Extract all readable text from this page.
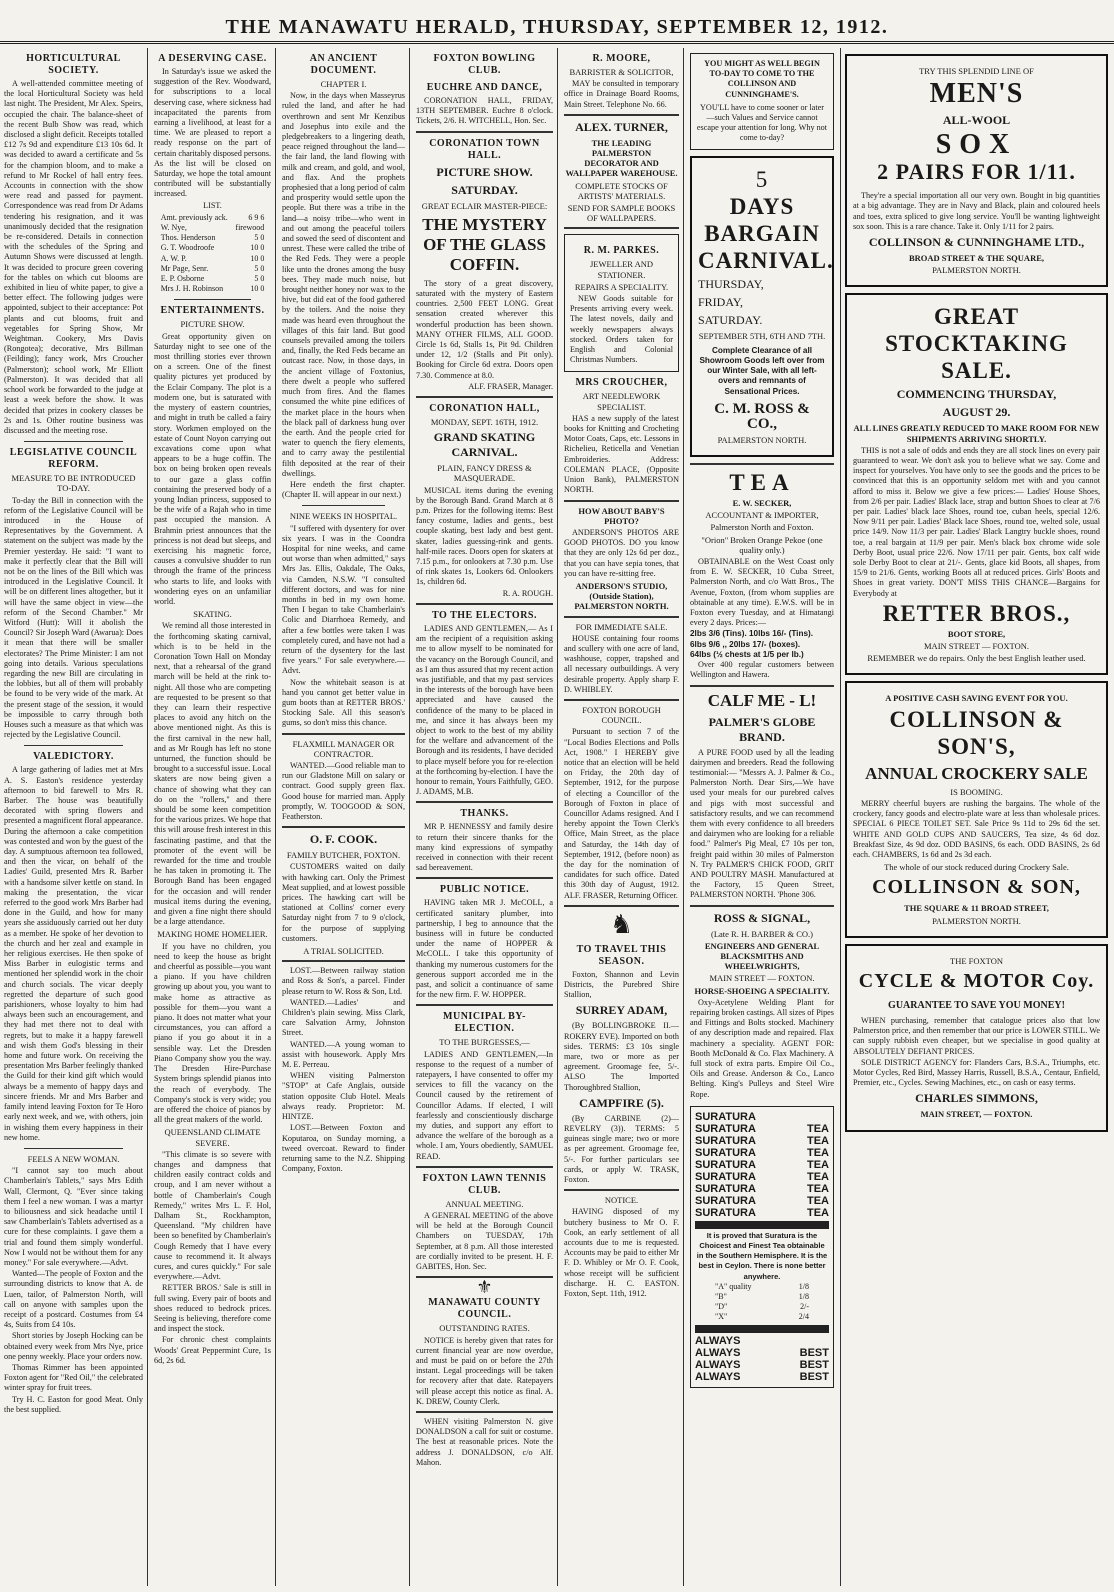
THE MANAWATU HERALD, THURSDAY, SEPTEMBER 12, 1912.
HORTICULTURAL SOCIETY.

A well-attended committee meeting of the local Horticultural Society was held last night. The President, Mr Alex. Speirs, occupied the chair. The balance-sheet of the recent Bulb Show was read, which disclosed a slight deficit. Receipts totalled £12 7s 9d and expenditure £13 10s 6d. It was decided to award a certificate and 5s for the champion bloom, and to make a refund to Mr Rockel of hall entry fees. Accounts in connection with the show were read and passed for payment. Correspondence was read from Dr Adams tendering his resignation, and it was unanimously decided that the resignation be re-considered. Details in connection with the schedules of the Spring and Autumn Shows were discussed at length. It was decided to procure green covering for the tables on which cut blooms are exhibited in lieu of white paper, to give a better effect. The following judges were appointed, subject to their acceptance: Pot plants and cut blooms, fruit and vegetables for Spring Show, Mr Weightman. Cookery, Mrs Davis (Rongotea); decorative, Mrs Billman (Feilding); fancy work, Mrs Croucher (Palmerston); school work, Mr Elliott (Palmerston). It was decided that all school work be forwarded to the judge at least a week before the show. It was decided that prizes in cookery classes be 2s and 1s. Other routine business was discussed and the meeting rose.

LEGISLATIVE COUNCIL REFORM.
MEASURE TO BE INTRODUCED TO-DAY.

To-day the Bill in connection with the reform of the Legislative Council will be introduced in the House of Representatives by the Government. A statement on the subject was made by the Premier yesterday. He said: "I want to make it perfectly clear that the Bill will not be on the lines of the Bill which was introduced in the Legislative Council. It will be on different lines altogether, but it will have the same object in view—the reform of the Second Chamber." Mr Witford (Hutt): Will it abolish the Council? Sir Joseph Ward (Awarua): Does it mean that there will be smaller electorates? The Prime Minister: I am not going into details. Various speculations regarding the new Bill are circulating in the lobbies, but all of them will probably be found to be very wide of the mark. At the present stage of the session, it would be impossible to carry through both Houses such a measure as that which was rejected by the Legislative Council.

VALEDICTORY.

A large gathering of ladies met at Mrs A. S. Easton's residence yesterday afternoon to bid farewell to Mrs R. Barber. The house was beautifully decorated with spring flowers and presented a magnificent floral appearance. During the afternoon a cake competition was contested and won by the guest of the day. A sumptuous afternoon tea followed, and then the vicar, on behalf of the Ladies' Guild, presented Mrs R. Barber with a handsome silver kettle on stand. In making the presentation, the vicar referred to the good work Mrs Barber had done in the Guild, and how for many years she assiduously carried out her duty as a member. He spoke of her devotion to the church and her zeal and example in her religious exercises. He then spoke of Miss Barber in eulogistic terms and mentioned her splendid work in the choir and church socials. The vicar deeply regretted the departure of such good parishioners, whose loyalty to him had always been such an encouragement, and they had met there not to deal with regrets, but to make it a happy farewell and wish them God's blessing in their home and future work. On receiving the presentation Mrs Barber feelingly thanked the Guild for their kind gift which would always be a memento of happy days and sincere friends. Mr and Mrs Barber and family intend leaving Foxton for Te Horo early next week, and we, with others, join in wishing them every happiness in their new home.

FEELS A NEW WOMAN.

"I cannot say too much about Chamberlain's Tablets," says Mrs Edith Wall, Clermont, Q. "Ever since taking them I feel a new woman. I was a martyr to biliousness and sick headache until I saw Chamberlain's Tablets advertised as a cure for these complaints. I gave them a trial and found them simply wonderful. Now I would not be without them for any money." For sale everywhere.—Advt.

Wanted—The people of Foxton and the surrounding districts to know that A. de Luen, tailor, of Palmerston North, will call on anyone with samples upon the receipt of a postcard. Costumes from £4 4s, Suits from £4 10s.

Short stories by Joseph Hocking can be obtained every week from Mrs Nye, price one penny weekly. Place your orders now.

Thomas Rimmer has been appointed Foxton agent for "Red Oil," the celebrated winter spray for fruit trees.

Try H. C. Easton for good Meat. Only the best supplied.

A DESERVING CASE.

In Saturday's issue we asked the suggestion of the Rev. Woodward, for subscriptions to a local deserving case, where sickness had incapacitated the parents from earning a livelihood, at least for a time. We are pleased to report a ready response on the part of certain charitably disposed persons. As the list will be closed on Saturday, we hope the total amount contributed will be substantially increased.

LIST.
Amt. previously ack.	6 9 6
W. Nye,	firewood
Thos. Henderson	5 0
G. T. Woodroofe	10 0
A. W. P.	10 0
Mr Page, Senr.	5 0
E. P. Osborne	5 0
Mrs J. H. Robinson	10 0
ENTERTAINMENTS.
PICTURE SHOW.

Great opportunity given on Saturday night to see one of the most thrilling stories ever thrown on a screen. One of the finest quality pictures yet produced by the Eclair Company. The plot is a modern one, but is saturated with the mystery of eastern countries, and might in truth be called a fairy story. Workmen employed on the estate of Count Noyon carrying out excavations come upon what appears to be a huge coffin. The box on being broken open reveals to our gaze a glass coffin containing the preserved body of a young Indian princess, supposed to be the wife of a Rajah who in time past occupied the mansion. A Brahmin priest announces that the princess is not dead but sleeps, and exercising his magnetic force, causes a convulsive shudder to run through the frame of the princess who starts to life, and looks with wondering eyes on an unfamiliar world.

SKATING.

We remind all those interested in the forthcoming skating carnival, which is to be held in the Coronation Town Hall on Monday next, that a rehearsal of the grand march will be held at the rink to-night. All those who are competing are requested to be present so that they can learn their respective places to avoid any hitch on the above mentioned night. As this is the first carnival in the new hall, and as Mr Rough has left no stone unturned, the function should be brought to a successful issue. Local skaters are now being given a chance of showing what they can do on the "rollers," and there should be some keen competition for the various prizes. We hope that this will arouse fresh interest in this fascinating pastime, and that the promoter of the event will be rewarded for the time and trouble he has taken in promoting it. The Borough Band has been engaged for the occasion and will render musical items during the evening, and given a fine night there should be a large attendance.

MAKING HOME HOMELIER.

If you have no children, you need to keep the house as bright and cheerful as possible—you want a piano. If you have children growing up about you, you want to make home as attractive as possible for them—you want a piano. It does not matter what your circumstances, you can afford a piano if you go about it in a sensible way. Let the Dresden Piano Company show you the way. The Dresden Hire-Purchase System brings splendid pianos into the reach of everybody. The Company's stock is very wide; you are offered the choice of pianos by all the great makers of the world.

QUEENSLAND CLIMATE SEVERE.

"This climate is so severe with changes and dampness that children easily contract colds and croup, and I am never without a bottle of Chamberlain's Cough Remedy," writes Mrs L. F. Hol, Dalham St., Rockhampton, Queensland. "My children have been so benefited by Chamberlain's Cough Remedy that I have every cause to recommend it. It always cures, and cures quickly." For sale everywhere.—Advt.

RETTER BROS.' Sale is still in full swing. Every pair of boots and shoes reduced to bedrock prices. Seeing is believing, therefore come and inspect the stock.

For chronic chest complaints Woods' Great Peppermint Cure, 1s 6d, 2s 6d.

AN ANCIENT DOCUMENT.
CHAPTER I.

Now, in the days when Masseyrus ruled the land, and after he had overthrown and sent Mr Kenzibus and Josephus into exile and the pledgebreakers to a lingering death, peace reigned throughout the land—the fair land, the land flowing with milk and cream, and gold, and wool, and flax. And the prophets prophesied that a long period of calm and prosperity would settle upon the people. But there was a tribe in the land—a noisy tribe—who went in and out among the peaceful toilers and sowed the seed of discontent and unrest. These were called the tribe of the Red Feds. They were a people like unto the drones among the busy bees. They made much noise, but brought neither honey nor wax to the hive, but did eat of the food gathered by the toilers. And the noise they made was heard even throughout the villages of this fair land. But good counsels prevailed among the toilers and, finally, the Red Feds became an outcast race. Now, in those days, in the ancient village of Foxtonius, there dwelt a people who suffered much from fires. And the flames consumed the white pine edifices of the market place in the hours when the black pall of darkness hung over the earth. And the people cried for water to quench the fiery elements, and to carry away the pestilential filth deposited at the rear of their dwellings.

Here endeth the first chapter. (Chapter II. will appear in our next.)

NINE WEEKS IN HOSPITAL.

"I suffered with dysentery for over six years. I was in the Coondra Hospital for nine weeks, and came out worse than when admitted," says Mrs Jas. Ellis, Oakdale, The Oaks, via Camden, N.S.W. "I consulted different doctors, and was for nine months in bed in my own home. Then I began to take Chamberlain's Colic and Diarrhoea Remedy, and after a few bottles were taken I was completely cured, and have not had a return of the dysentery for the last five years." For sale everywhere.—Advt.

Now the whitebait season is at hand you cannot get better value in gum boots than at RETTER BROS.' Stocking Sale. All this season's gums, so don't miss this chance.

FLAXMILL MANAGER OR CONTRACTOR.

WANTED.—Good reliable man to run our Gladstone Mill on salary or contract. Good supply green flax. Good house for married man. Apply promptly, W. TOOGOOD & SON, Featherston.

O. F. COOK.
FAMILY BUTCHER, FOXTON.

CUSTOMERS waited on daily with hawking cart. Only the Primest Meat supplied, and at lowest possible prices. The hawking cart will be stationed at Collins' corner every Saturday night from 7 to 9 o'clock, for the purpose of supplying customers.

A TRIAL SOLICITED.

LOST.—Between railway station and Ross & Son's, a parcel. Finder please return to W. Ross & Son, Ltd.

WANTED.—Ladies' and Children's plain sewing. Miss Clark, care Salvation Army, Johnston Street.

WANTED.—A young woman to assist with housework. Apply Mrs M. E. Perreau.

WHEN visiting Palmerston "STOP" at Cafe Anglais, outside station opposite Club Hotel. Meals always ready. Proprietor: M. HINTZE.

LOST.—Between Foxton and Koputaroa, on Sunday morning, a tweed overcoat. Reward to finder returning same to the N.Z. Shipping Company, Foxton.

FOXTON BOWLING CLUB.
EUCHRE AND DANCE,

CORONATION HALL, FRIDAY, 13TH SEPTEMBER. Euchre 8 o'clock. Tickets, 2/6. H. WITCHELL, Hon. Sec.

CORONATION TOWN HALL.
PICTURE SHOW.
SATURDAY.
GREAT ECLAIR MASTER-PIECE:
THE MYSTERY OF THE GLASS COFFIN.

The story of a great discovery, saturated with the mystery of Eastern countries. 2,500 FEET LONG. Great sensation created wherever this wonderful production has been shown. MANY OTHER FILMS, ALL GOOD. Circle 1s 6d, Stalls 1s, Pit 9d. Children under 12, 1/2 (Stalls and Pit only). Booking for Circle 6d extra. Doors open 7.30. Commence at 8.0.

ALF. FRASER, Manager.
CORONATION HALL,
MONDAY, SEPT. 16TH, 1912.
GRAND SKATING CARNIVAL.
PLAIN, FANCY DRESS & MASQUERADE.

MUSICAL items during the evening by the Borough Band. Grand March at 8 p.m. Prizes for the following items: Best fancy costume, ladies and gents., best couple skating, best lady and best gent. skater, ladies guessing-rink and gents. half-mile races. Doors open for skaters at 7.15 p.m., for onlookers at 7.30 p.m. Use of rink skates 1s, Lookers 6d. Onlookers 1s, children 6d.

R. A. ROUGH.
TO THE ELECTORS.

LADIES AND GENTLEMEN,— As I am the recipient of a requisition asking me to allow myself to be nominated for the vacancy on the Borough Council, and as I am thus assured that my recent action was justifiable, and that my past services in the interests of the borough have been appreciated and have caused the confidence of the many to be placed in me, and since it has always been my object to work to the best of my ability for the welfare and advancement of the Borough and its residents, I have decided to place myself before you for re-election at the forthcoming by-election. I have the honour to remain, Yours Faithfully, GEO. J. ADAMS, M.B.

THANKS.

MR P. HENNESSY and family desire to return their sincere thanks for the many kind expressions of sympathy received in connection with their recent sad bereavement.

PUBLIC NOTICE.

HAVING taken MR J. McCOLL, a certificated sanitary plumber, into partnership, I beg to announce that the business will in future be conducted under the name of HOPPER & McCOLL. I take this opportunity of thanking my numerous customers for the generous support accorded me in the past, and solicit a continuance of same for the new firm. F. W. HOPPER.

MUNICIPAL BY-ELECTION.
TO THE BURGESSES,—

LADIES AND GENTLEMEN,—In response to the request of a number of ratepayers, I have consented to offer my services to fill the vacancy on the Council caused by the retirement of Councillor Adams. If elected, I will fearlessly and conscientiously discharge my duties, and support any effort to advance the welfare of the borough as a whole. I am, Yours obediently, SAMUEL READ.

FOXTON LAWN TENNIS CLUB.
ANNUAL MEETING.

A GENERAL MEETING of the above will be held at the Borough Council Chambers on TUESDAY, 17th September, at 8 p.m. All those interested are cordially invited to be present. H. F. GABITES, Hon. Sec.

⚜
MANAWATU COUNTY COUNCIL.
OUTSTANDING RATES.

NOTICE is hereby given that rates for current financial year are now overdue, and must be paid on or before the 27th instant. Legal proceedings will be taken for recovery after that date. Ratepayers will please accept this notice as final. A. K. DREW, County Clerk.

WHEN visiting Palmerston N. give DONALDSON a call for suit or costume. The best at reasonable prices. Note the address J. DONALDSON, c/o Alf. Mahon.

R. MOORE,
BARRISTER & SOLICITOR,

MAY be consulted in temporary office in Drainage Board Rooms, Main Street. Telephone No. 66.

ALEX. TURNER,
THE LEADING PALMERSTON DECORATOR AND WALLPAPER WAREHOUSE.
COMPLETE STOCKS OF ARTISTS' MATERIALS.
SEND FOR SAMPLE BOOKS OF WALLPAPERS.
R. M. PARKES.
JEWELLER AND STATIONER.
REPAIRS A SPECIALITY.

NEW Goods suitable for Presents arriving every week. The latest novels, daily and weekly newspapers always stocked. Orders taken for English and Colonial Christmas Numbers.

MRS CROUCHER,
ART NEEDLEWORK SPECIALIST.

HAS a new supply of the latest books for Knitting and Crocheting Motor Coats, Caps, etc. Lessons in Richelieu, Reticella and Venetian Embroideries. Address: COLEMAN PLACE, (Opposite Union Bank), PALMERSTON NORTH.

HOW ABOUT BABY'S PHOTO?

ANDERSON'S PHOTOS ARE GOOD PHOTOS. DO you know that they are only 12s 6d per doz., that you can have sepia tones, that you can have re-sitting free.

ANDERSON'S STUDIO, (Outside Station), PALMERSTON NORTH.
FOR IMMEDIATE SALE.

HOUSE containing four rooms and scullery with one acre of land, washhouse, copper, trapshed and all necessary outbuildings. A very desirable property. Apply sharp F. D. WHIBLEY.

FOXTON BOROUGH COUNCIL.

Pursuant to section 7 of the "Local Bodies Elections and Polls Act, 1908." I HEREBY give notice that an election will be held on Friday, the 20th day of September, 1912, for the purpose of electing a Councillor of the Borough of Foxton in place of Councillor Adams resigned. And I hereby appoint the Town Clerk's Office, Main Street, as the place and Saturday, the 14th day of September, 1912, (before noon) as the day for the nomination of candidates for such office. Dated this 30th day of August, 1912. ALF. FRASER, Returning Officer.

♞
TO TRAVEL THIS SEASON.

Foxton, Shannon and Levin Districts, the Purebred Shire Stallion,

SURREY ADAM,

(By BOLLINGBROKE II.—ROKERY EVE). Imported on both sides. TERMS: £3 10s single mare, two or more as per agreement. Groomage fee, 5/-. ALSO The Imported Thoroughbred Stallion,

CAMPFIRE (5).

(By CARBINE (2)—REVELRY (3)). TERMS: 5 guineas single mare; two or more as per agreement. Groomage fee, 5/-. For further particulars see cards, or apply W. TRASK, Foxton.

NOTICE.

HAVING disposed of my butchery business to Mr O. F. Cook, an early settlement of all accounts due to me is requested. Accounts may be paid to either Mr F. D. Whibley or Mr O. F. Cook, whose receipt will be sufficient discharge. H. C. EASTON. Foxton, Sept. 11th, 1912.

YOU MIGHT AS WELL BEGIN TO-DAY TO COME TO THE COLLINSON AND CUNNINGHAME'S.
YOU'LL have to come sooner or later—such Values and Service cannot escape your attention for long. Why not come to-day?
5
DAYS
BARGAIN
CARNIVAL.
THURSDAY,
FRIDAY,
SATURDAY.
SEPTEMBER 5TH, 6TH AND 7TH.
Complete Clearance of all Showroom Goods left over from our Winter Sale, with all left-overs and remnants of Sensational Prices.
C. M. ROSS & CO.,
PALMERSTON NORTH.
TEA
E. W. SECKER,
ACCOUNTANT & IMPORTER,
Palmerston North and Foxton.
"Orion" Broken Orange Pekoe (one quality only.)

OBTAINABLE on the West Coast only from E. W. SECKER, 10 Cuba Street, Palmerston North, and c/o Watt Bros., The Avenue, Foxton, (from whom supplies are obtainable at any time). E.W.S. will be in Foxton every Tuesday, and at Himatangi every 2 days. Prices:—

2lbs 3/6 (Tins). 10lbs 16/- (Tins).
6lbs 9/6 ,, 20lbs 17/- (boxes).
64lbs (½ chests at 1/5 per lb.)

Over 400 regular customers between Wellington and Hawera.

CALF ME - L!
PALMER'S GLOBE BRAND.

A PURE FOOD used by all the leading dairymen and breeders. Read the following testimonial:— "Messrs A. J. Palmer & Co., Palmerston North. Dear Sirs,—We have used your meals for our purebred calves and pigs with most successful and satisfactory results, and we can recommend them with every confidence to all breeders and dairymen who are looking for a reliable food." Palmer's Pig Meal, £7 10s per ton, freight paid within 30 miles of Palmerston N. Try PALMER'S CHICK FOOD, GRIT AND POULTRY MASH. Manufactured at the Factory, 15 Queen Street, PALMERSTON NORTH. 'Phone 306.

ROSS & SIGNAL,
(Late R. H. BARBER & CO.)
ENGINEERS AND GENERAL BLACKSMITHS AND WHEELWRIGHTS,
MAIN STREET — FOXTON.
HORSE-SHOEING A SPECIALITY.

Oxy-Acetylene Welding Plant for repairing broken castings. All sizes of Pipes and Fittings and Bolts stocked. Machinery of any description made and repaired. Flax machinery a speciality. AGENT FOR: Booth McDonald & Co. Flax Machinery. A full stock of extra parts. Empire Oil Co., Oils and Grease. Anderson & Co., Lanco Belting. King's Pulleys and Steel Wire Rope.

SURATURA
SURATURA	TEA
SURATURA	TEA
SURATURA	TEA
SURATURA	TEA
SURATURA	TEA
SURATURA	TEA
SURATURA	TEA
SURATURA	TEA
It is proved that Suratura is the Choicest and Finest Tea obtainable in the Southern Hemisphere. It is the best in Ceylon. There is none better anywhere.
"A" quality	1/8
"B"	1/8
"D"	2/-
"X"	2/4
ALWAYS
ALWAYS	BEST
ALWAYS	BEST
ALWAYS	BEST
TRY THIS SPLENDID LINE OF
MEN'S
ALL-WOOL
SOX
2 PAIRS FOR 1/11.

They're a special importation all our very own. Bought in big quantities at a big advantage. They are in Navy and Black, plain and coloured heels and toes, extra spliced to give long service. You'll be wanting lightweight sox soon. This is a rare chance. Take it. Only 1/11 for 2 pairs.

COLLINSON & CUNNINGHAME LTD.,
BROAD STREET & THE SQUARE,
PALMERSTON NORTH.
GREAT STOCKTAKING SALE.
COMMENCING THURSDAY,
AUGUST 29.
ALL LINES GREATLY REDUCED TO MAKE ROOM FOR NEW SHIPMENTS ARRIVING SHORTLY.

THIS is not a sale of odds and ends they are all stock lines on every pair guaranteed to wear. We don't ask you to believe what we say. Come and inspect for yourselves. You have only to see the goods and the prices to be convinced that this is an opportunity seldom met with and you cannot afford to miss it. Below we give a few prices:— Ladies' House Shoes, from 2/6 per pair. Ladies' Black lace, strap and button Shoes to clear at 7/6 per pair. Ladies' black lace Shoes, round toe, cuban heels, special 12/6. Now 9/11 per pair. Ladies' Black lace Shoes, round toe, welted sole, usual price 14/9. Now 11/3 per pair. Ladies' Black Langtry buckle shoes, round toe, a real bargain at 11/9 per pair. Men's black box chrome wide sole Derby Boot, usual price 22/6. Now 17/11 per pair. Gents, box calf wide sole Derby Boot to clear at 21/-. Gents, glace kid Boots, all shapes, from 15/9 to 21/6. Gents, working Boots all at reduced prices. Girls' Boots and Shoes in great variety. DON'T MISS THIS CHANCE—Bargains for Everybody at

RETTER BROS.,
BOOT STORE,
MAIN STREET — FOXTON.
REMEMBER we do repairs. Only the best English leather used.
A POSITIVE CASH SAVING EVENT FOR YOU.
COLLINSON & SON'S,
ANNUAL CROCKERY SALE
IS BOOMING.

MERRY cheerful buyers are rushing the bargains. The whole of the crockery, fancy goods and electro-plate ware at less than wholesale prices. SPECIAL 6 PIECE TOILET SET. Sale Price 9s 11d to 29s 6d the set. WHITE AND GOLD CUPS AND SAUCERS, Tea size, 4s 6d doz. Breakfast Size, 4s 9d doz. ODD BASINS, 6s each. ODD BASINS, 2s 6d each. CHAMBERS, 1s 6d and 2s 3d each.

The whole of our stock reduced during Crockery Sale.
COLLINSON & SON,
THE SQUARE & 11 BROAD STREET,
PALMERSTON NORTH.
THE FOXTON
CYCLE & MOTOR Coy.
GUARANTEE TO SAVE YOU MONEY!

WHEN purchasing, remember that catalogue prices also that low Palmerston price, and then remember that our price is LOWER STILL. We can supply rubbish even cheaper, but we specialise in good quality at ABSOLUTELY DEFIANT PRICES.

SOLE DISTRICT AGENCY for: Flanders Cars, B.S.A., Triumphs, etc. Motor Cycles, Red Bird, Massey Harris, Russell, B.S.A., Centaur, Enfield, Premier, etc., Cycles. Sewing Machines, etc., on cash or easy terms.

CHARLES SIMMONS,
MAIN STREET, — FOXTON.
